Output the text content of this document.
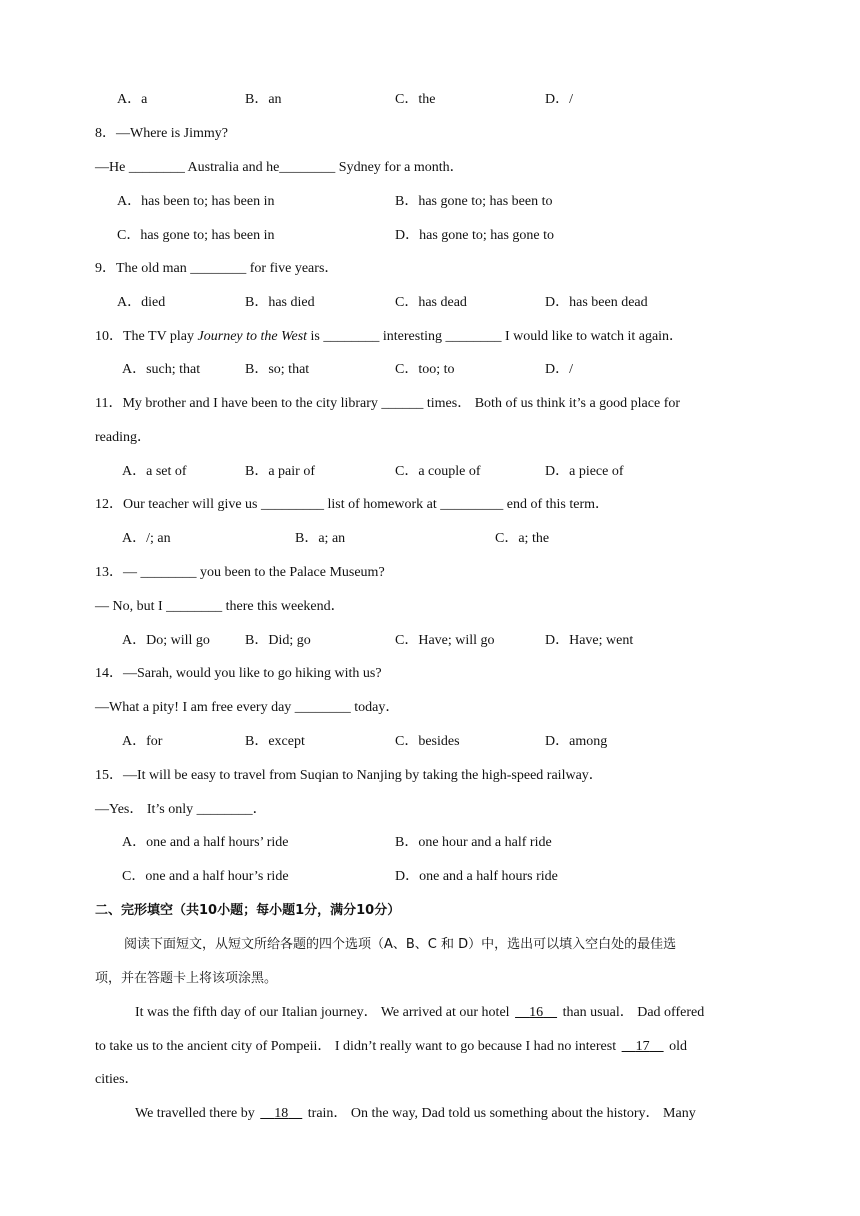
A．a	B．an	C．the	D．/
8．—Where is Jimmy?
—He ________ Australia and he________ Sydney for a month．
A．has been to; has been in	B．has gone to; has been to
C．has gone to; has been in	D．has gone to; has gone to
9．The old man ________ for five years．
A．died	B．has died	C．has dead	D．has been dead
10．The TV play Journey to the West is ________ interesting ________ I would like to watch it again．
A．such; that	B．so; that	C．too; to	D．/
11．My brother and I have been to the city library ______ times． Both of us think it’s a good place for
reading．
A．a set of	B．a pair of	C．a couple of	D．a piece of
12．Our teacher will give us _________ list of homework at _________ end of this term．
A．/; an	B．a; an	C．a; the
13．— ________ you been to the Palace Museum?
— No, but I ________ there this weekend．
A．Do; will go	B．Did; go	C．Have; will go	D．Have; went
14．—Sarah, would you like to go hiking with us?
—What a pity! I am free every day ________ today．
A．for	B．except	C．besides	D．among
15．—It will be easy to travel from Suqian to Nanjing by taking the high-speed railway．
—Yes． It’s only ________．
A．one and a half hours’ ride	B．one hour and a half ride
C．one and a half hour’s ride	D．one and a half hours ride
二、完形填空（共10小题；每小题1分，满分10分）
阅读下面短文，从短文所给各题的四个选项（A、B、C 和 D）中，选出可以填入空白处的最佳选
项，并在答题卡上将该项涂黑。
It was the fifth day of our Italian journey． We arrived at our hotel 16 than usual． Dad offered
to take us to the ancient city of Pompeii． I didn’t really want to go because I had no interest 17 old
cities．
We travelled there by 18 train． On the way, Dad told us something about the history． Many
